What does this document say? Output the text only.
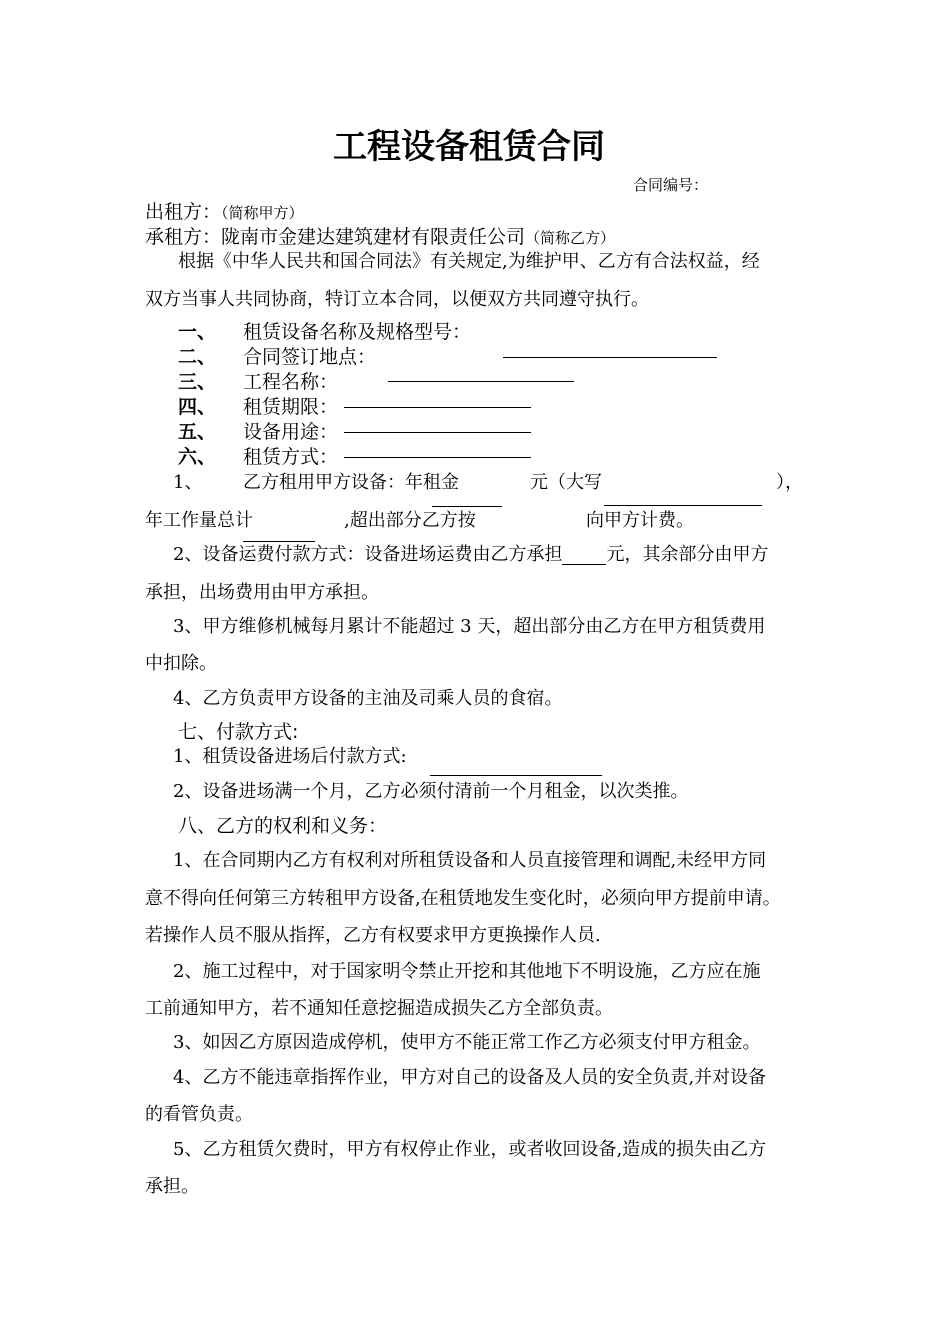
工程设备租赁合同
合同编号：
出租方：（简称甲方）
承租方：陇南市金建达建筑建材有限责任公司（简称乙方）
根据《中华人民共和国合同法》有关规定,为维护甲、乙方有合法权益，经
双方当事人共同协商，特订立本合同，以便双方共同遵守执行。
一、 租赁设备名称及规格型号：
二、 合同签订地点：
三、 工程名称：
四、 租赁期限：
五、 设备用途：
六、 租赁方式：
1、 乙方租用甲方设备：年租金	元（大写	），
年工作量总计	,超出部分乙方按	向甲方计费。
2、设备运费付款方式：设备进场运费由乙方承担 元，其余部分由甲方
承担，出场费用由甲方承担。
3、甲方维修机械每月累计不能超过 3 天，超出部分由乙方在甲方租赁费用
中扣除。
4、乙方负责甲方设备的主油及司乘人员的食宿。
七、付款方式:
1、租赁设备进场后付款方式:
2、设备进场满一个月，乙方必须付清前一个月租金，以次类推。
八、乙方的权利和义务：
1、在合同期内乙方有权利对所租赁设备和人员直接管理和调配,未经甲方同
意不得向任何第三方转租甲方设备,在租赁地发生变化时，必须向甲方提前申请。
若操作人员不服从指挥，乙方有权要求甲方更换操作人员.
2、施工过程中，对于国家明令禁止开挖和其他地下不明设施，乙方应在施
工前通知甲方，若不通知任意挖掘造成损失乙方全部负责。
3、如因乙方原因造成停机，使甲方不能正常工作乙方必须支付甲方租金。
4、乙方不能违章指挥作业，甲方对自己的设备及人员的安全负责,并对设备
的看管负责。
5、乙方租赁欠费时，甲方有权停止作业，或者收回设备,造成的损失由乙方
承担。
